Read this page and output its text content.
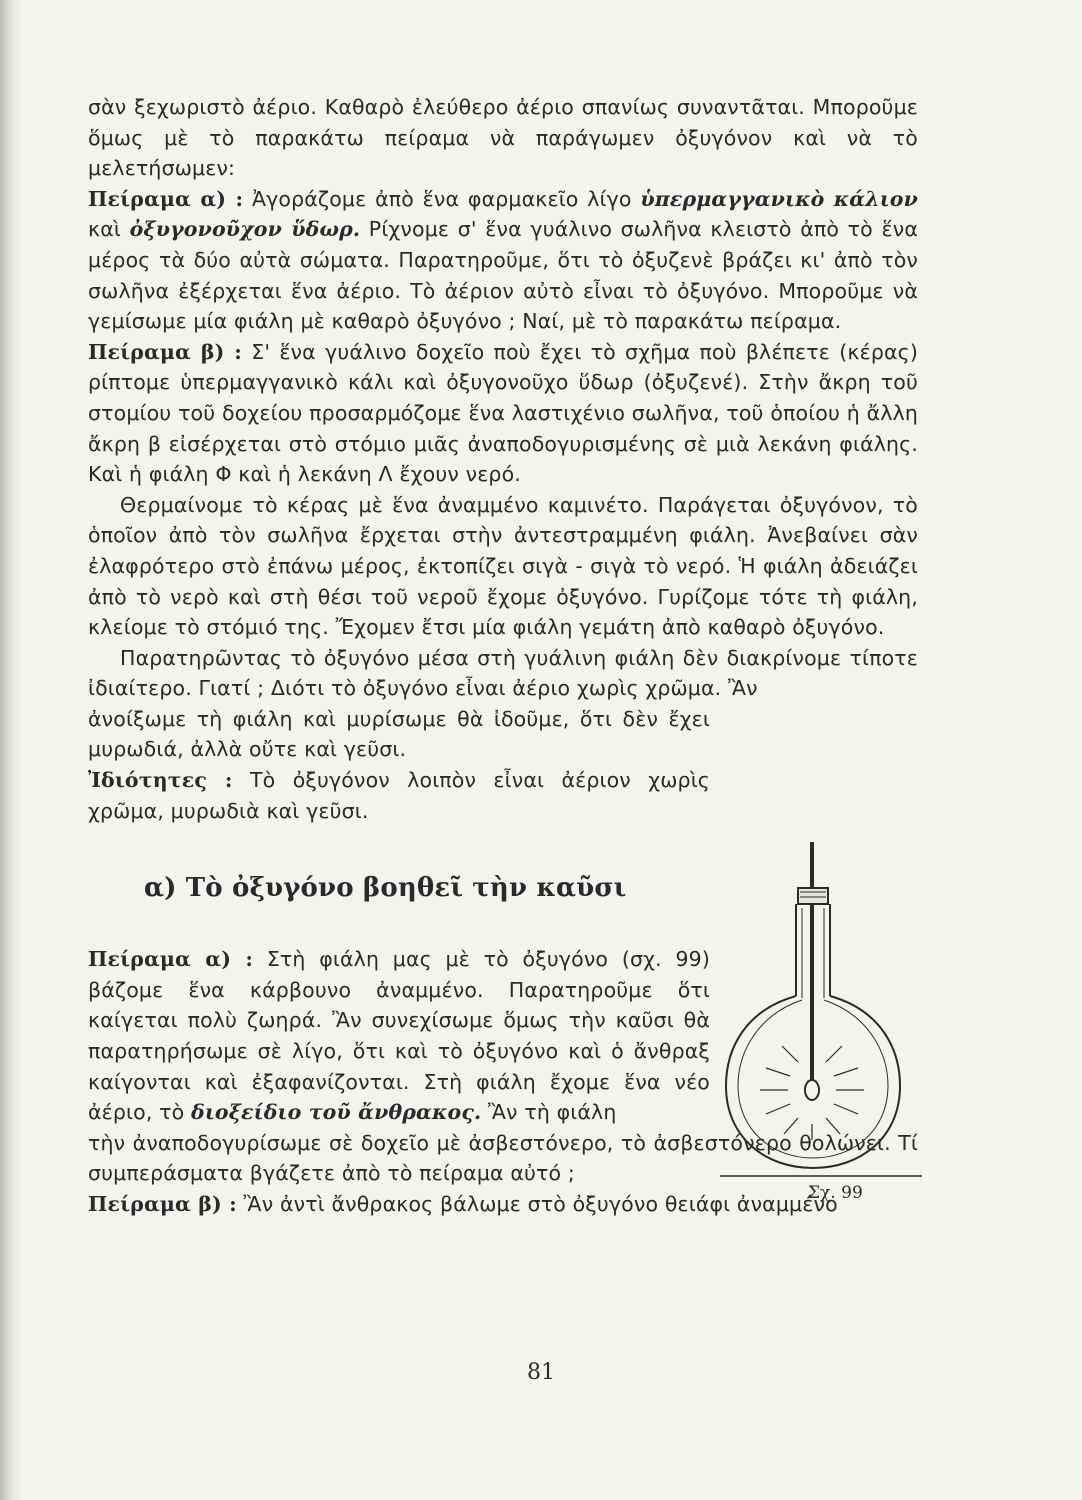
σὰν ξεχωριστὸ ἀέριο. Καθαρὸ ἐλεύθερο ἀέριο σπανίως συναντᾶται. Μποροῦμε ὅμως μὲ τὸ παρακάτω πείραμα νὰ παράγωμεν ὀξυγόνον καὶ νὰ τὸ μελετήσωμεν:

Πείραμα α) : Ἀγοράζομε ἀπὸ ἕνα φαρμακεῖο λίγο ὑπερμαγγανικὸ κάλιον καὶ ὀξυγονοῦχον ὕδωρ. Ρίχνομε σ' ἕνα γυάλινο σωλῆνα κλειστὸ ἀπὸ τὸ ἕνα μέρος τὰ δύο αὐτὰ σώματα. Παρατηροῦμε, ὅτι τὸ ὀξυζενὲ βράζει κι' ἀπὸ τὸν σωλῆνα ἐξέρχεται ἕνα ἀέριο. Τὸ ἀέριον αὐτὸ εἶναι τὸ ὀξυγόνο. Μποροῦμε νὰ γεμίσωμε μία φιάλη μὲ καθαρὸ ὀξυγόνο ; Ναί, μὲ τὸ παρακάτω πείραμα.

Πείραμα β) : Σ' ἕνα γυάλινο δοχεῖο ποὺ ἔχει τὸ σχῆμα ποὺ βλέπετε (κέρας) ρίπτομε ὑπερμαγγανικὸ κάλι καὶ ὀξυγονοῦχο ὕδωρ (ὀξυζενέ). Στὴν ἄκρη τοῦ στομίου τοῦ δοχείου προσαρμόζομε ἕνα λαστιχένιο σωλῆνα, τοῦ ὁποίου ἡ ἄλλη ἄκρη β εἰσέρχεται στὸ στόμιο μιᾶς ἀναποδογυρισμένης σὲ μιὰ λεκάνη φιάλης. Καὶ ἡ φιάλη Φ καὶ ἡ λεκάνη Λ ἔχουν νερό.

Θερμαίνομε τὸ κέρας μὲ ἕνα ἀναμμένο καμινέτο. Παράγεται ὀξυγόνον, τὸ ὁποῖον ἀπὸ τὸν σωλῆνα ἔρχεται στὴν ἀντεστραμμένη φιάλη. Ἀνεβαίνει σὰν ἐλαφρότερο στὸ ἐπάνω μέρος, ἐκτοπίζει σιγὰ - σιγὰ τὸ νερό. Ἡ φιάλη ἀδειάζει ἀπὸ τὸ νερὸ καὶ στὴ θέσι τοῦ νεροῦ ἔχομε ὀξυγόνο. Γυρίζομε τότε τὴ φιάλη, κλείομε τὸ στόμιό της. Ἔχομεν ἔτσι μία φιάλη γεμάτη ἀπὸ καθαρὸ ὀξυγόνο.

Παρατηρῶντας τὸ ὀξυγόνο μέσα στὴ γυάλινη φιάλη δὲν διακρίνομε τίποτε ἰδιαίτερο. Γιατί ; Διότι τὸ ὀξυγόνο εἶναι ἀέριο χωρὶς χρῶμα. Ἂν

ἀνοίξωμε τὴ φιάλη καὶ μυρίσωμε θὰ ἰδοῦμε, ὅτι δὲν ἔχει μυρωδιά, ἀλλὰ οὔτε καὶ γεῦσι.

Ἰδιότητες : Τὸ ὀξυγόνον λοιπὸν εἶναι ἀέριον χωρὶς χρῶμα, μυρωδιὰ καὶ γεῦσι.

α) Τὸ ὀξυγόνο βοηθεῖ τὴν καῦσι

Πείραμα α) : Στὴ φιάλη μας μὲ τὸ ὀξυγόνο (σχ. 99) βάζομε ἕνα κάρβουνο ἀναμμένο. Παρατηροῦμε ὅτι καίγεται πολὺ ζωηρά. Ἂν συνεχίσωμε ὅμως τὴν καῦσι θὰ παρατηρήσωμε σὲ λίγο, ὅτι καὶ τὸ ὀξυγόνο καὶ ὁ ἄνθραξ καίγονται καὶ ἐξαφανίζονται. Στὴ φιάλη ἔχομε ἕνα νέο ἀέριο, τὸ διοξείδιο τοῦ ἄνθρακος. Ἂν τὴ φιάλη

τὴν ἀναποδογυρίσωμε σὲ δοχεῖο μὲ ἀσβεστόνερο, τὸ ἀσβεστόνερο θολώνει. Τί συμπεράσματα βγάζετε ἀπὸ τὸ πείραμα αὐτό ;

Πείραμα β) : Ἂν ἀντὶ ἄνθρακος βάλωμε στὸ ὀξυγόνο θειάφι ἀναμμένο

Σχ. 99
81
